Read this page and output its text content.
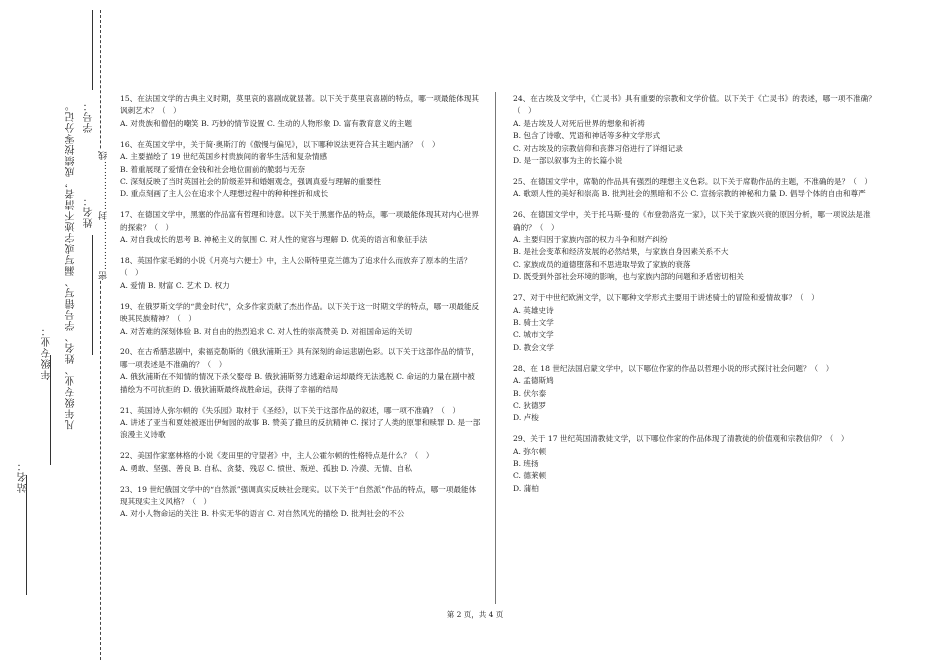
学号：
姓名：
凡年级专业、姓名、学号错写、漏写或字迹不清者，成绩按零分记。
年级专业：
站名：
密……………封……………线
15、在法国文学的古典主义时期，莫里哀的喜剧成就显著。以下关于莫里哀喜剧的特点，哪一项最能体现其讽刺艺术？（　）
A. 对贵族和僧侣的嘲笑 B. 巧妙的情节设置 C. 生动的人物形象 D. 富有教育意义的主题
16、在英国文学中，关于简·奥斯汀的《傲慢与偏见》，以下哪种说法更符合其主题内涵？（　）
A. 主要描绘了 19 世纪英国乡村贵族间的奢华生活和复杂情感
B. 着重展现了爱情在金钱和社会地位面前的脆弱与无奈
C. 深刻反映了当时英国社会的阶级差异和婚姻观念，强调真爱与理解的重要性
D. 重点刻画了主人公在追求个人理想过程中的种种挫折和成长
17、在德国文学中，黑塞的作品富有哲理和诗意。以下关于黑塞作品的特点，哪一项最能体现其对内心世界的探索？（　）
A. 对自我成长的思考 B. 神秘主义的氛围 C. 对人性的宽容与理解 D. 优美的语言和象征手法
18、英国作家毛姆的小说《月亮与六便士》中，主人公斯特里克兰德为了追求什么而放弃了原本的生活？（　）
A. 爱情 B. 财富 C. 艺术 D. 权力
19、在俄罗斯文学的“黄金时代”，众多作家贡献了杰出作品。以下关于这一时期文学的特点，哪一项最能反映其民族精神？（　）
A. 对苦难的深刻体验 B. 对自由的热烈追求 C. 对人性的崇高赞美 D. 对祖国命运的关切
20、在古希腊悲剧中，索福克勒斯的《俄狄浦斯王》具有深刻的命运悲剧色彩。以下关于这部作品的情节，哪一项表述是不准确的？（　）
A. 俄狄浦斯在不知情的情况下杀父娶母 B. 俄狄浦斯努力逃避命运却最终无法逃脱 C. 命运的力量在剧中被描绘为不可抗拒的 D. 俄狄浦斯最终战胜命运，获得了幸福的结局
21、英国诗人弥尔顿的《失乐园》取材于《圣经》，以下关于这部作品的叙述，哪一项不准确？（　）
A. 讲述了亚当和夏娃被逐出伊甸园的故事 B. 赞美了撒旦的反抗精神 C. 探讨了人类的原罪和赎罪 D. 是一部浪漫主义诗歌
22、美国作家塞林格的小说《麦田里的守望者》中，主人公霍尔顿的性格特点是什么？（　）
A. 勇敢、坚强、善良 B. 自私、贪婪、残忍 C. 愤世、叛逆、孤独 D. 冷漠、无情、自私
23、19 世纪俄国文学中的“自然派”强调真实反映社会现实。以下关于“自然派”作品的特点，哪一项最能体现其现实主义风格？（　）
A. 对小人物命运的关注 B. 朴实无华的语言 C. 对自然风光的描绘 D. 批判社会的不公
24、在古埃及文学中，《亡灵书》具有重要的宗教和文学价值。以下关于《亡灵书》的表述，哪一项不准确？（　）
A. 是古埃及人对死后世界的想象和祈祷
B. 包含了诗歌、咒语和神话等多种文学形式
C. 对古埃及的宗教信仰和丧葬习俗进行了详细记录
D. 是一部以叙事为主的长篇小说
25、在德国文学中，席勒的作品具有强烈的理想主义色彩。以下关于席勒作品的主题，不准确的是？（　）
A. 歌颂人性的美好和崇高 B. 批判社会的黑暗和不公 C. 宣扬宗教的神秘和力量 D. 倡导个体的自由和尊严
26、在德国文学中，关于托马斯·曼的《布登勃洛克一家》，以下关于家族兴衰的原因分析，哪一项说法是准确的？（　）
A. 主要归因于家族内部的权力斗争和财产纠纷
B. 是社会变革和经济发展的必然结果，与家族自身因素关系不大
C. 家族成员的道德堕落和不思进取导致了家族的衰落
D. 既受到外部社会环境的影响，也与家族内部的问题和矛盾密切相关
27、对于中世纪欧洲文学，以下哪种文学形式主要用于讲述骑士的冒险和爱情故事？（　）
A. 英雄史诗
B. 骑士文学
C. 城市文学
D. 教会文学
28、在 18 世纪法国启蒙文学中，以下哪位作家的作品以哲理小说的形式探讨社会问题？（　）
A. 孟德斯鸠
B. 伏尔泰
C. 狄德罗
D. 卢梭
29、关于 17 世纪英国清教徒文学，以下哪位作家的作品体现了清教徒的价值观和宗教信仰？（　）
A. 弥尔顿
B. 班扬
C. 德莱顿
D. 蒲柏
第 2 页，共 4 页
